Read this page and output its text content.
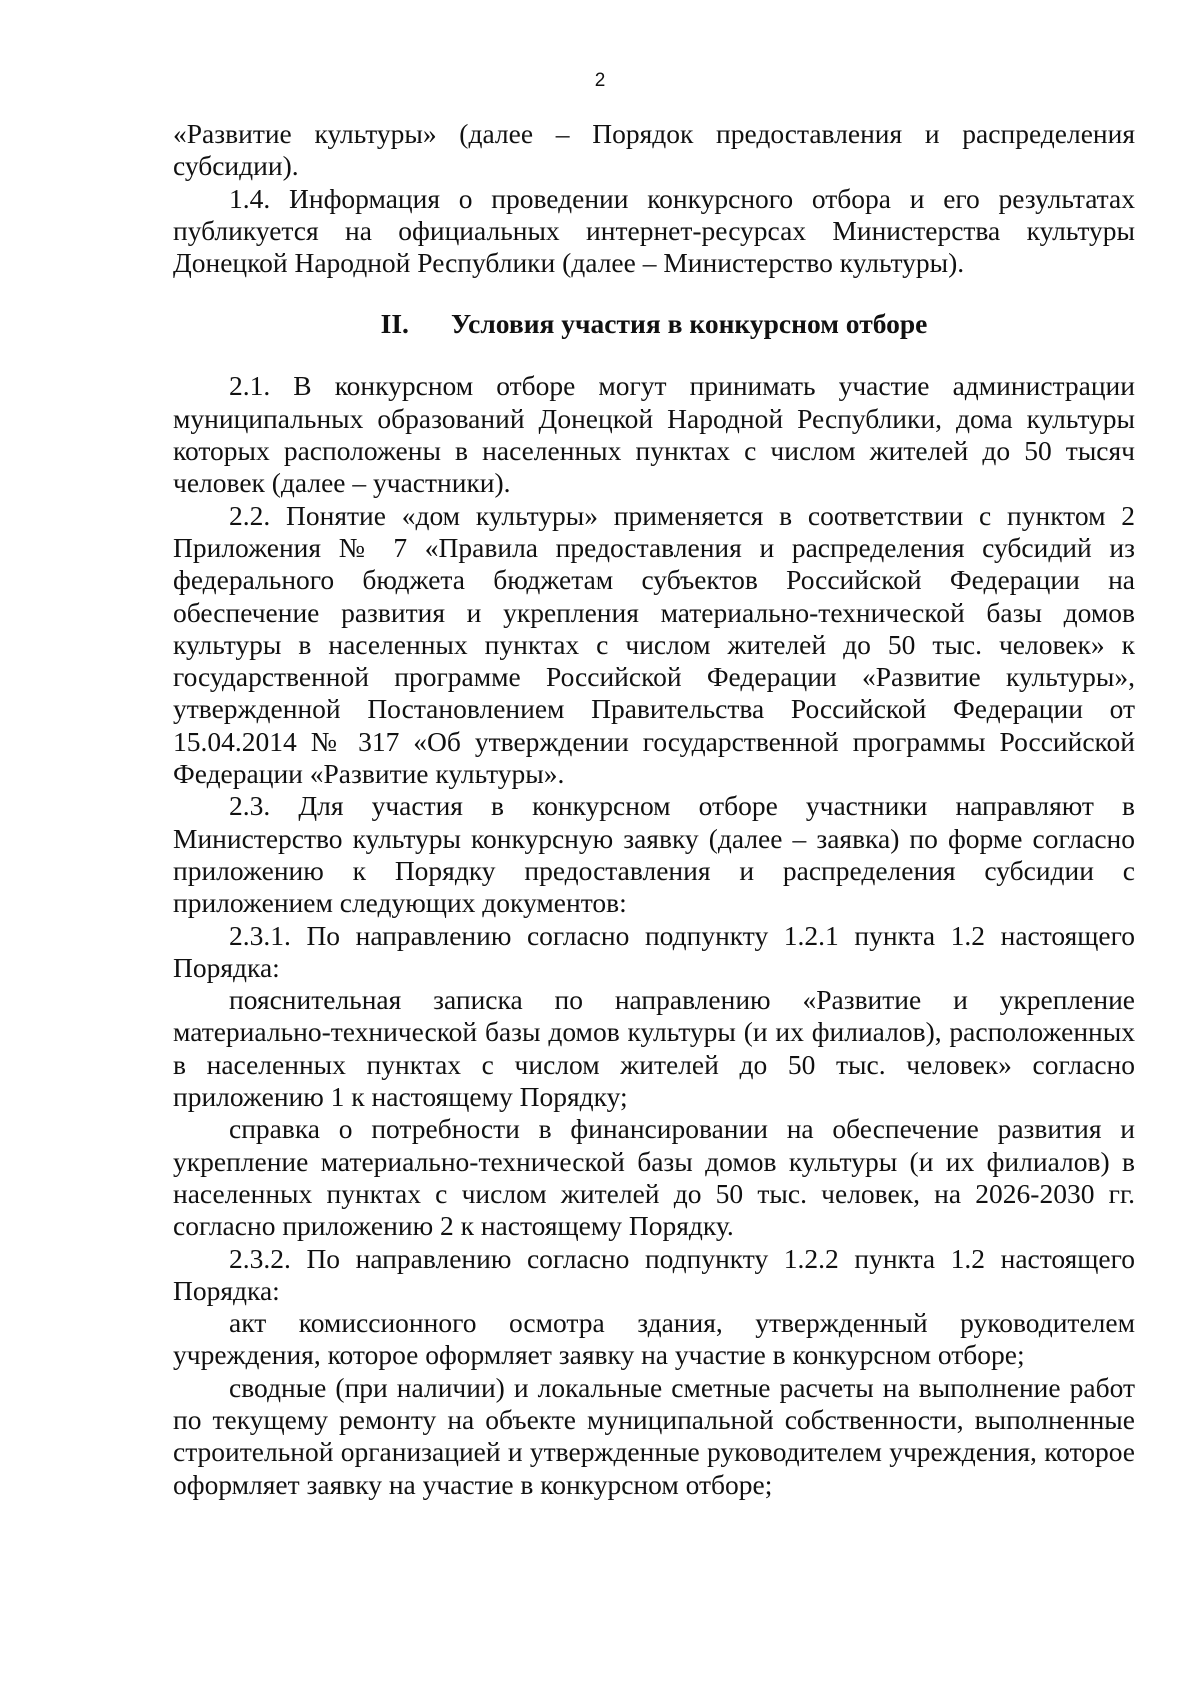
2

«Развитие культуры» (далее – Порядок предоставления и распределения субсидии).

1.4. Информация о проведении конкурсного отбора и его результатах публикуется на официальных интернет-ресурсах Министерства культуры Донецкой Народной Республики (далее – Министерство культуры).

II. Условия участия в конкурсном отборе

2.1. В конкурсном отборе могут принимать участие администрации муниципальных образований Донецкой Народной Республики, дома культуры которых расположены в населенных пунктах с числом жителей до 50 тысяч человек (далее – участники).

2.2. Понятие «дом культуры» применяется в соответствии с пунктом 2 Приложения № 7 «Правила предоставления и распределения субсидий из федерального бюджета бюджетам субъектов Российской Федерации на обеспечение развития и укрепления материально-технической базы домов культуры в населенных пунктах с числом жителей до 50 тыс. человек» к государственной программе Российской Федерации «Развитие культуры», утвержденной Постановлением Правительства Российской Федерации от 15.04.2014 № 317 «Об утверждении государственной программы Российской Федерации «Развитие культуры».

2.3. Для участия в конкурсном отборе участники направляют в Министерство культуры конкурсную заявку (далее – заявка) по форме согласно приложению к Порядку предоставления и распределения субсидии с приложением следующих документов:

2.3.1. По направлению согласно подпункту 1.2.1 пункта 1.2 настоящего Порядка:

пояснительная записка по направлению «Развитие и укрепление материально-технической базы домов культуры (и их филиалов), расположенных в населенных пунктах с числом жителей до 50 тыс. человек» согласно приложению 1 к настоящему Порядку;

справка о потребности в финансировании на обеспечение развития и укрепление материально-технической базы домов культуры (и их филиалов) в населенных пунктах с числом жителей до 50 тыс. человек, на 2026-2030 гг. согласно приложению 2 к настоящему Порядку.

2.3.2. По направлению согласно подпункту 1.2.2 пункта 1.2 настоящего Порядка:

акт комиссионного осмотра здания, утвержденный руководителем учреждения, которое оформляет заявку на участие в конкурсном отборе;

сводные (при наличии) и локальные сметные расчеты на выполнение работ по текущему ремонту на объекте муниципальной собственности, выполненные строительной организацией и утвержденные руководителем учреждения, которое оформляет заявку на участие в конкурсном отборе;
